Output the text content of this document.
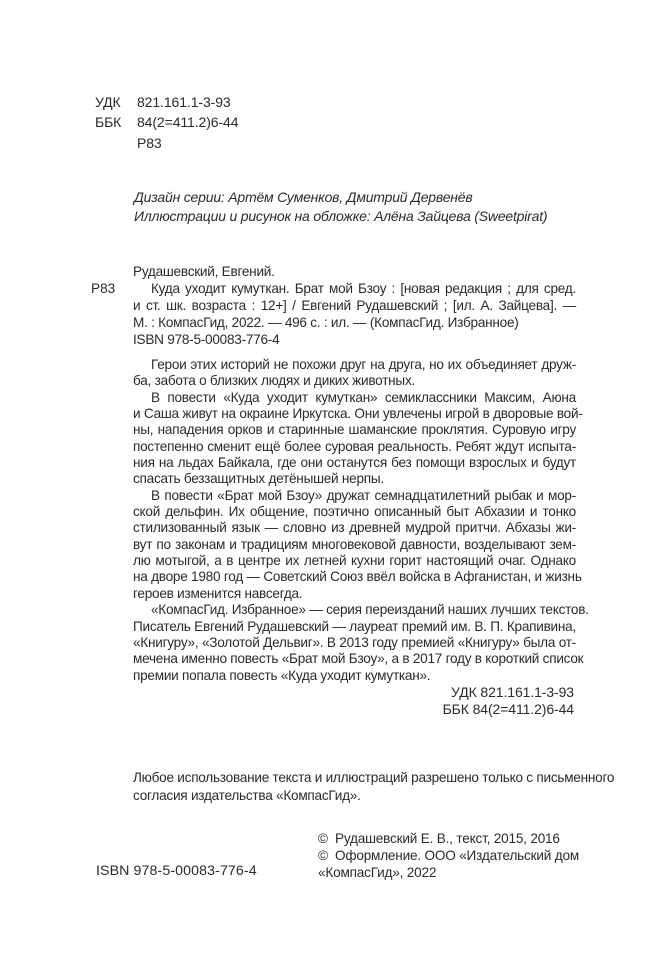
УДК	821.161.1-3-93
ББК	84(2=411.2)6-44
Р83
Дизайн серии: Артём Суменков, Дмитрий Дервенёв
Иллюстрации и рисунок на обложке: Алёна Зайцева (Sweetpirat)
Р83
Рудашевский, Евгений.
Куда уходит кумуткан. Брат мой Бзоу : [новая редакция ; для сред.
и ст. шк. возраста : 12+] / Евгений Рудашевский ; [ил. А. Зайцева]. —
М. : КомпасГид, 2022. — 496 с. : ил. — (КомпасГид. Избранное)
ISBN 978-5-00083-776-4
Герои этих историй не похожи друг на друга, но их объединяет друж-
ба, забота о близких людях и диких животных.
В повести «Куда уходит кумуткан» семиклассники Максим, Аюна
и Саша живут на окраине Иркутска. Они увлечены игрой в дворовые вой-
ны, нападения орков и старинные шаманские проклятия. Суровую игру
постепенно сменит ещё более суровая реальность. Ребят ждут испыта-
ния на льдах Байкала, где они останутся без помощи взрослых и будут
спасать беззащитных детёнышей нерпы.
В повести «Брат мой Бзоу» дружат семнадцатилетний рыбак и мор-
ской дельфин. Их общение, поэтично описанный быт Абхазии и тонко
стилизованный язык — словно из древней мудрой притчи. Абхазы жи-
вут по законам и традициям многовековой давности, возделывают зем-
лю мотыгой, а в центре их летней кухни горит настоящий очаг. Однако
на дворе 1980 год — Советский Союз ввёл войска в Афганистан, и жизнь
героев изменится навсегда.
«КомпасГид. Избранное» — серия переизданий наших лучших текстов.
Писатель Евгений Рудашевский — лауреат премий им. В. П. Крапивина,
«Книгуру», «Золотой Дельвиг». В 2013 году премией «Книгуру» была от-
мечена именно повесть «Брат мой Бзоу», а в 2017 году в короткий список
премии попала повесть «Куда уходит кумуткан».
УДК 821.161.1-3-93
ББК 84(2=411.2)6-44
Любое использование текста и иллюстраций разрешено только с письменного
согласия издательства «КомпасГид».
ISBN 978-5-00083-776-4
©  Рудашевский Е. В., текст, 2015, 2016
©  Оформление. ООО «Издательский дом
«КомпасГид», 2022
